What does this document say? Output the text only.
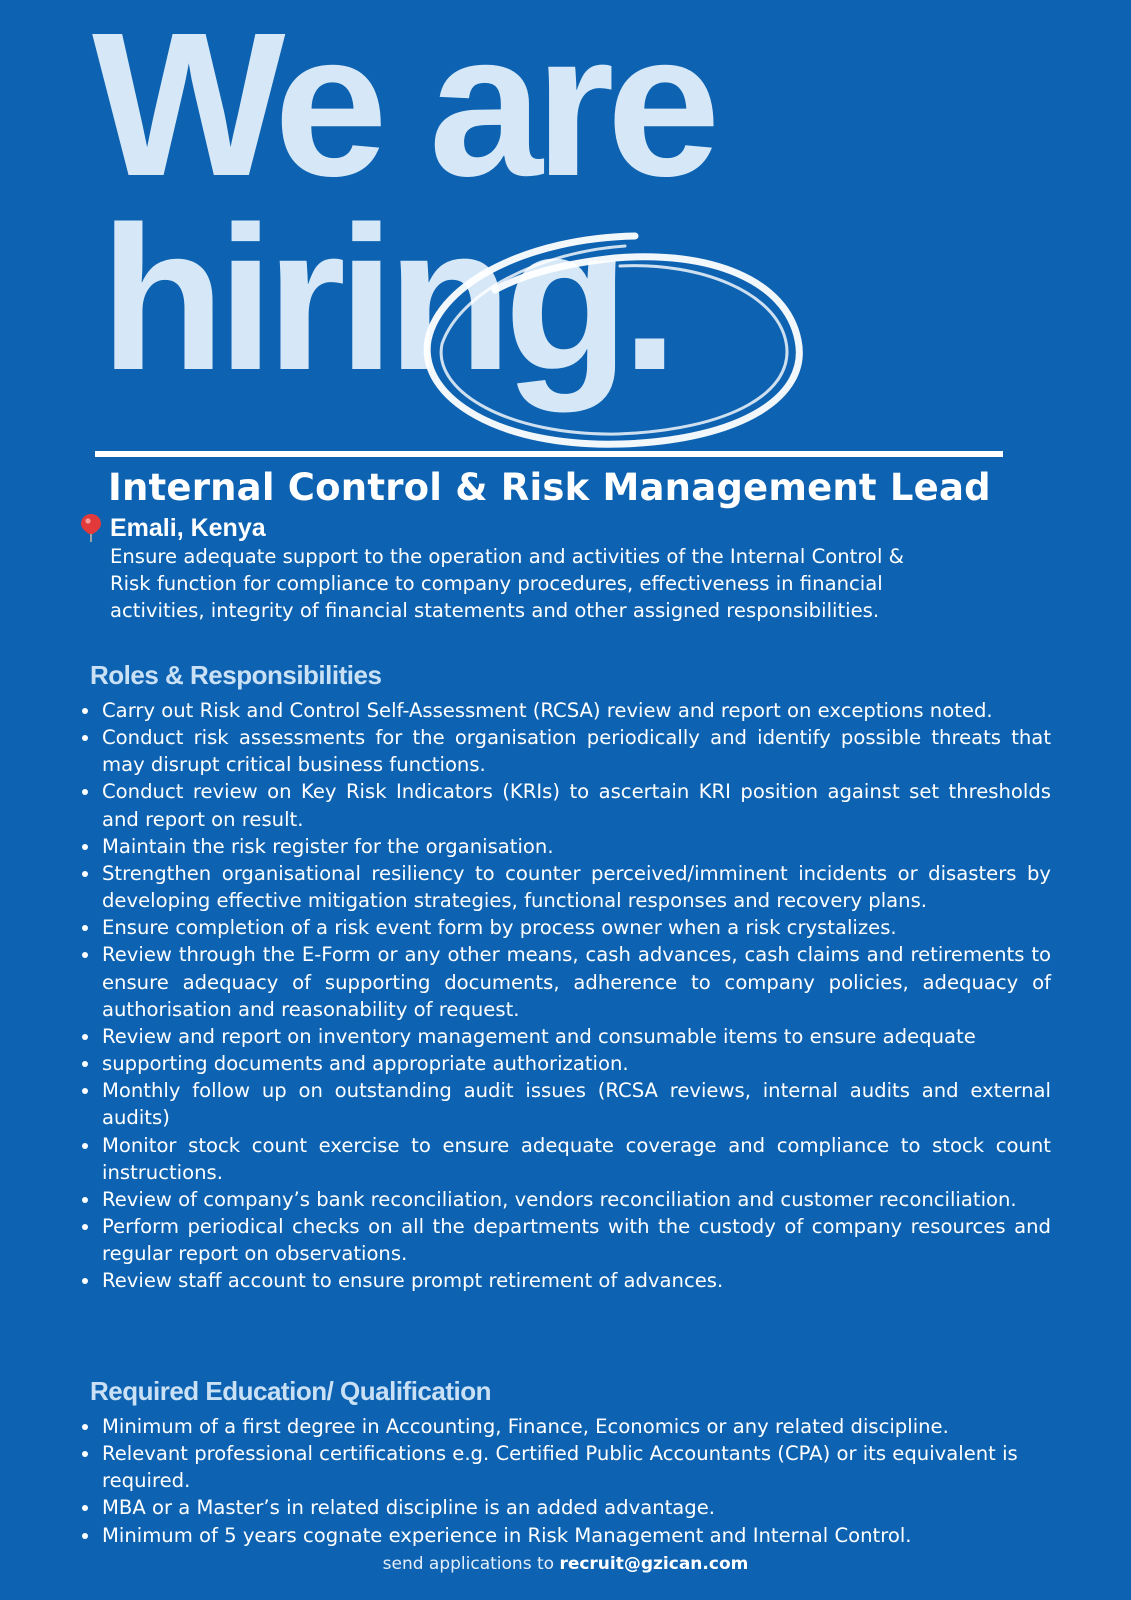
We are
hiring.
Internal Control & Risk Management Lead
Emali, Kenya

Ensure adequate support to the operation and activities of the Internal Control & Risk function for compliance to company procedures, effectiveness in financial activities, integrity of financial statements and other assigned responsibilities.

Roles & Responsibilities
Carry out Risk and Control Self-Assessment (RCSA) review and report on exceptions noted.
Conduct risk assessments for the organisation periodically and identify possible threats that may disrupt critical business functions.
Conduct review on Key Risk Indicators (KRIs) to ascertain KRI position against set thresholds and report on result.
Maintain the risk register for the organisation.
Strengthen organisational resiliency to counter perceived/imminent incidents or disasters by developing effective mitigation strategies, functional responses and recovery plans.
Ensure completion of a risk event form by process owner when a risk crystalizes.
Review through the E-Form or any other means, cash advances, cash claims and retirements to ensure adequacy of supporting documents, adherence to company policies, adequacy of authorisation and reasonability of request.
Review and report on inventory management and consumable items to ensure adequate
supporting documents and appropriate authorization.
Monthly follow up on outstanding audit issues (RCSA reviews, internal audits and external audits)
Monitor stock count exercise to ensure adequate coverage and compliance to stock count instructions.
Review of company’s bank reconciliation, vendors reconciliation and customer reconciliation.
Perform periodical checks on all the departments with the custody of company resources and regular report on observations.
Review staff account to ensure prompt retirement of advances.
Required Education/ Qualification
Minimum of a first degree in Accounting, Finance, Economics or any related discipline.
Relevant professional certifications e.g. Certified Public Accountants (CPA) or its equivalent is required.
MBA or a Master’s in related discipline is an added advantage.
Minimum of 5 years cognate experience in Risk Management and Internal Control.
send applications to recruit@gzican.com
